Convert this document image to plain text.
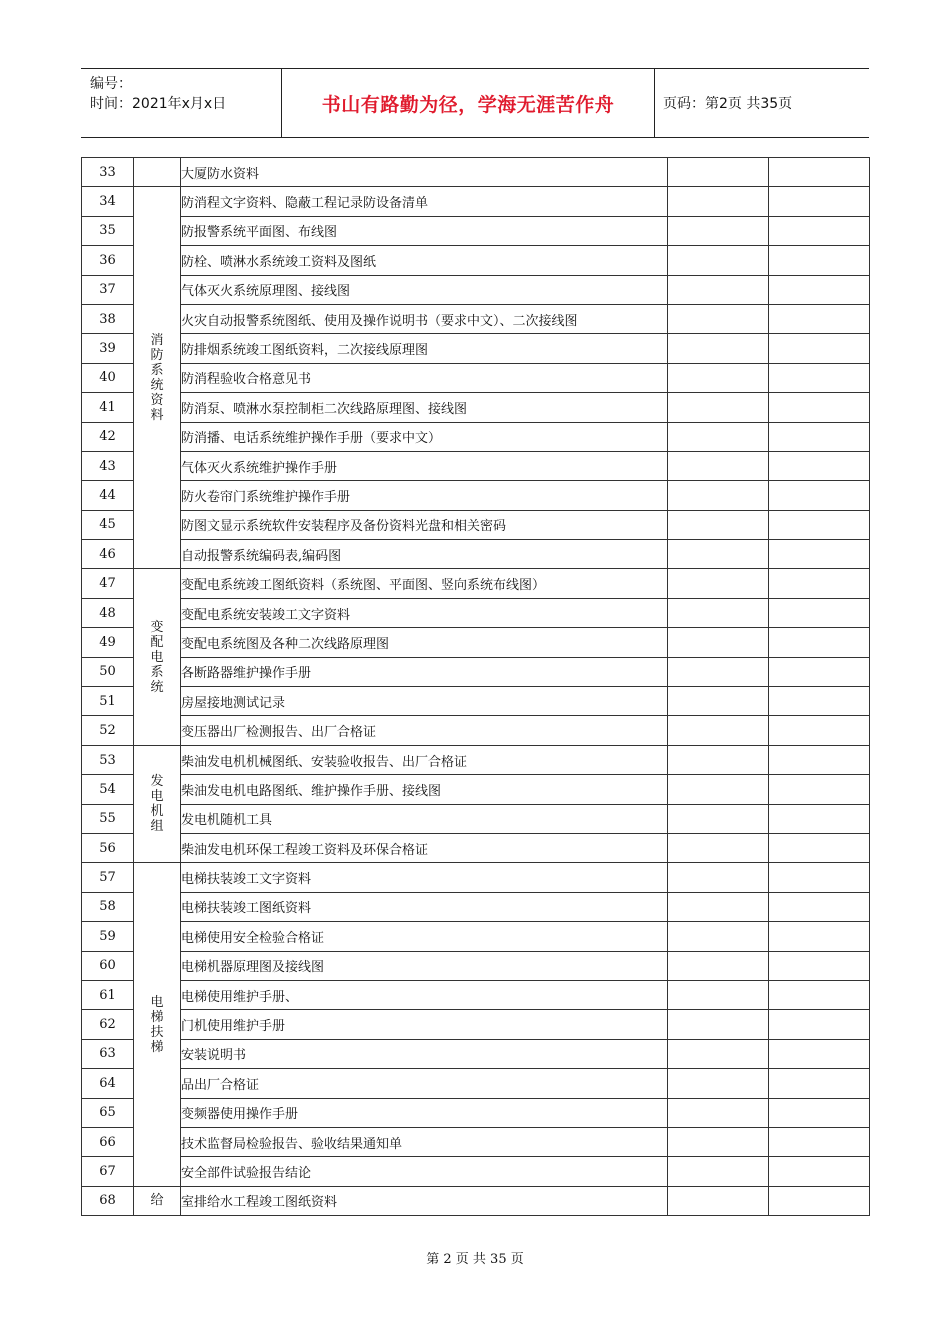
编号：
时间：2021年x月x日	书山有路勤为径，学海无涯苦作舟	页码：第2页 共35页
33		大厦防水资料		
34	消防系统资料	防消程文字资料、隐蔽工程记录防设备清单		
35		防报警系统平面图、布线图		
36		防栓、喷淋水系统竣工资料及图纸		
37		气体灭火系统原理图、接线图		
38		火灾自动报警系统图纸、使用及操作说明书（要求中文）、二次接线图		
39		防排烟系统竣工图纸资料，二次接线原理图		
40		防消程验收合格意见书		
41		防消泵、喷淋水泵控制柜二次线路原理图、接线图		
42		防消播、电话系统维护操作手册（要求中文）		
43		气体灭火系统维护操作手册		
44		防火卷帘门系统维护操作手册		
45		防图文显示系统软件安装程序及备份资料光盘和相关密码		
46		自动报警系统编码表,编码图		
47	变配电系统	变配电系统竣工图纸资料（系统图、平面图、竖向系统布线图）		
48		变配电系统安装竣工文字资料		
49		变配电系统图及各种二次线路原理图		
50		各断路器维护操作手册		
51		房屋接地测试记录		
52		变压器出厂检测报告、出厂合格证		
53	发电机组	柴油发电机机械图纸、安装验收报告、出厂合格证		
54		柴油发电机电路图纸、维护操作手册、接线图		
55		发电机随机工具		
56		柴油发电机环保工程竣工资料及环保合格证		
57	电梯扶梯	电梯扶装竣工文字资料		
58		电梯扶装竣工图纸资料		
59		电梯使用安全检验合格证		
60		电梯机器原理图及接线图		
61		电梯使用维护手册、		
62		门机使用维护手册		
63		安装说明书		
64		品出厂合格证		
65		变频器使用操作手册		
66		技术监督局检验报告、验收结果通知单		
67		安全部件试验报告结论		
68	给	室排给水工程竣工图纸资料		
第 2 页 共 35 页
